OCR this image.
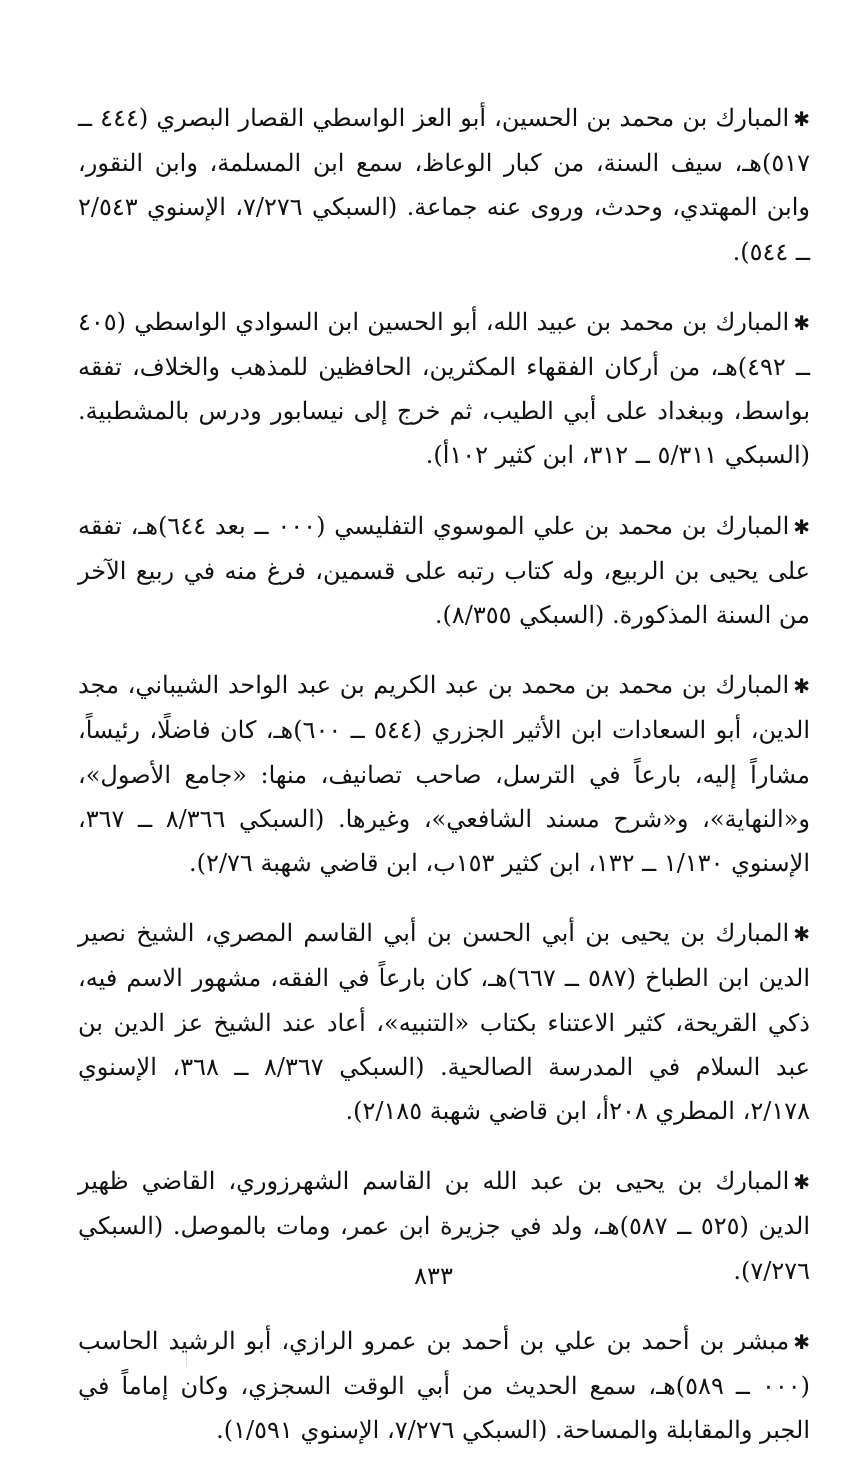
✱المبارك بن محمد بن الحسين، أبو العز الواسطي القصار البصري (٤٤٤ ــ ٥١٧)هـ، سيف السنة، من كبار الوعاظ، سمع ابن المسلمة، وابن النقور، وابن المهتدي، وحدث، وروى عنه جماعة. (السبكي ٧/٢٧٦، الإسنوي ٢/٥٤٣ ــ ٥٤٤).

✱المبارك بن محمد بن عبيد الله، أبو الحسين ابن السوادي الواسطي (٤٠٥ ــ ٤٩٢)هـ، من أركان الفقهاء المكثرين، الحافظين للمذهب والخلاف، تفقه بواسط، وببغداد على أبي الطيب، ثم خرج إلى نيسابور ودرس بالمشطبية. (السبكي ٥/٣١١ ــ ٣١٢، ابن كثير ١٠٢أ).

✱المبارك بن محمد بن علي الموسوي التفليسي (٠٠٠ ــ بعد ٦٤٤)هـ، تفقه على يحيى بن الربيع، وله كتاب رتبه على قسمين، فرغ منه في ربيع الآخر من السنة المذكورة. (السبكي ٨/٣٥٥).

✱المبارك بن محمد بن محمد بن عبد الكريم بن عبد الواحد الشيباني، مجد الدين، أبو السعادات ابن الأثير الجزري (٥٤٤ ــ ٦٠٠)هـ، كان فاضلًا، رئيساً، مشاراً إليه، بارعاً في الترسل، صاحب تصانيف، منها: «جامع الأصول»، و«النهاية»، و«شرح مسند الشافعي»، وغيرها. (السبكي ٨/٣٦٦ ــ ٣٦٧، الإسنوي ١/١٣٠ ــ ١٣٢، ابن كثير ١٥٣ب، ابن قاضي شهبة ٢/٧٦).

✱المبارك بن يحيى بن أبي الحسن بن أبي القاسم المصري، الشيخ نصير الدين ابن الطباخ (٥٨٧ ــ ٦٦٧)هـ، كان بارعاً في الفقه، مشهور الاسم فيه، ذكي القريحة، كثير الاعتناء بكتاب «التنبيه»، أعاد عند الشيخ عز الدين بن عبد السلام في المدرسة الصالحية. (السبكي ٨/٣٦٧ ــ ٣٦٨، الإسنوي ٢/١٧٨، المطري ٢٠٨أ، ابن قاضي شهبة ٢/١٨٥).

✱المبارك بن يحيى بن عبد الله بن القاسم الشهرزوري، القاضي ظهير الدين (٥٢٥ ــ ٥٨٧)هـ، ولد في جزيرة ابن عمر، ومات بالموصل. (السبكي ٧/٢٧٦).

✱مبشر بن أحمد بن علي بن أحمد بن عمرو الرازي، أبو الرشيد الحاسب (٠٠٠ ــ ٥٨٩)هـ، سمع الحديث من أبي الوقت السجزي، وكان إماماً في الجبر والمقابلة والمساحة. (السبكي ٧/٢٧٦، الإسنوي ١/٥٩١).

٨٣٣
